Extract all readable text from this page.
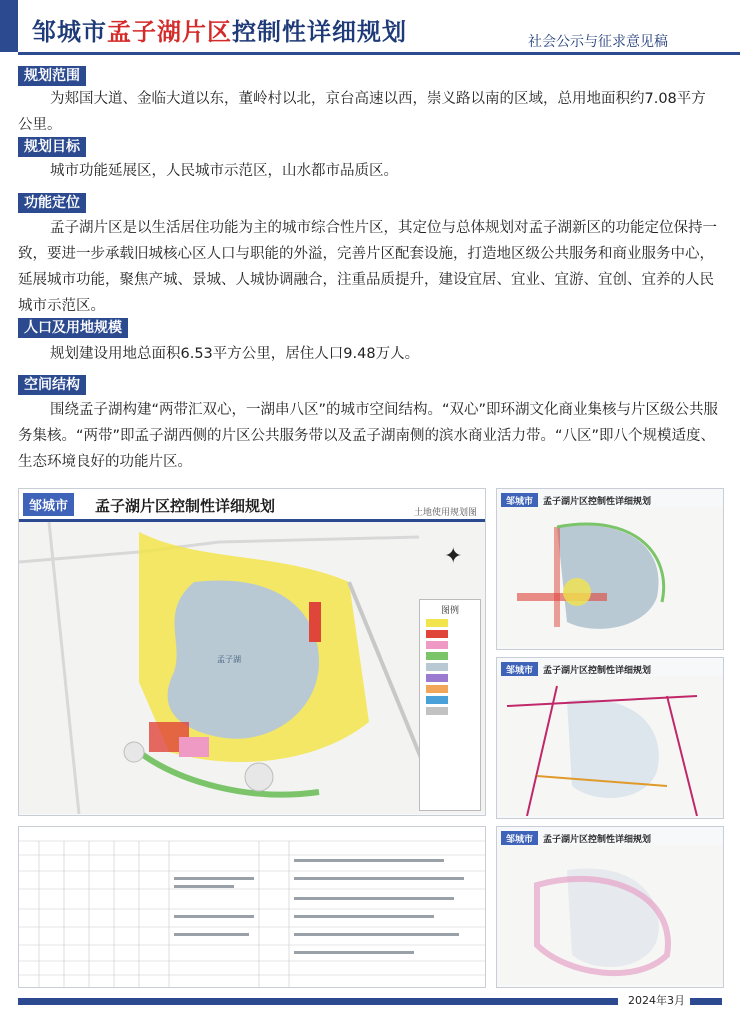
邹城市孟子湖片区控制性详细规划	社会公示与征求意见稿
规划范围
为郏国大道、金临大道以东，董岭村以北，京台高速以西，崇义路以南的区域，总用地面积约7.08平方公里。
规划目标
城市功能延展区，人民城市示范区，山水都市品质区。
功能定位
孟子湖片区是以生活居住功能为主的城市综合性片区，其定位与总体规划对孟子湖新区的功能定位保持一致，要进一步承载旧城核心区人口与职能的外溢，完善片区配套设施，打造地区级公共服务和商业服务中心，延展城市功能，聚焦产城、景城、人城协调融合，注重品质提升，建设宜居、宜业、宜游、宜创、宜养的人民城市示范区。
人口及用地规模
规划建设用地总面积6.53平方公里，居住人口9.48万人。
空间结构
围绕孟子湖构建“两带汇双心，一湖串八区”的城市空间结构。“双心”即环湖文化商业集核与片区级公共服务集核。“两带”即孟子湖西侧的片区公共服务带以及孟子湖南侧的滨水商业活力带。“八区”即八个规模适度、生态环境良好的功能片区。
邹城市	孟子湖片区控制性详细规划	土地使用规划图
孟子湖
图例
✦
邹城市	孟子湖片区控制性详细规划
邹城市	孟子湖片区控制性详细规划
邹城市	孟子湖片区控制性详细规划
2024年3月
